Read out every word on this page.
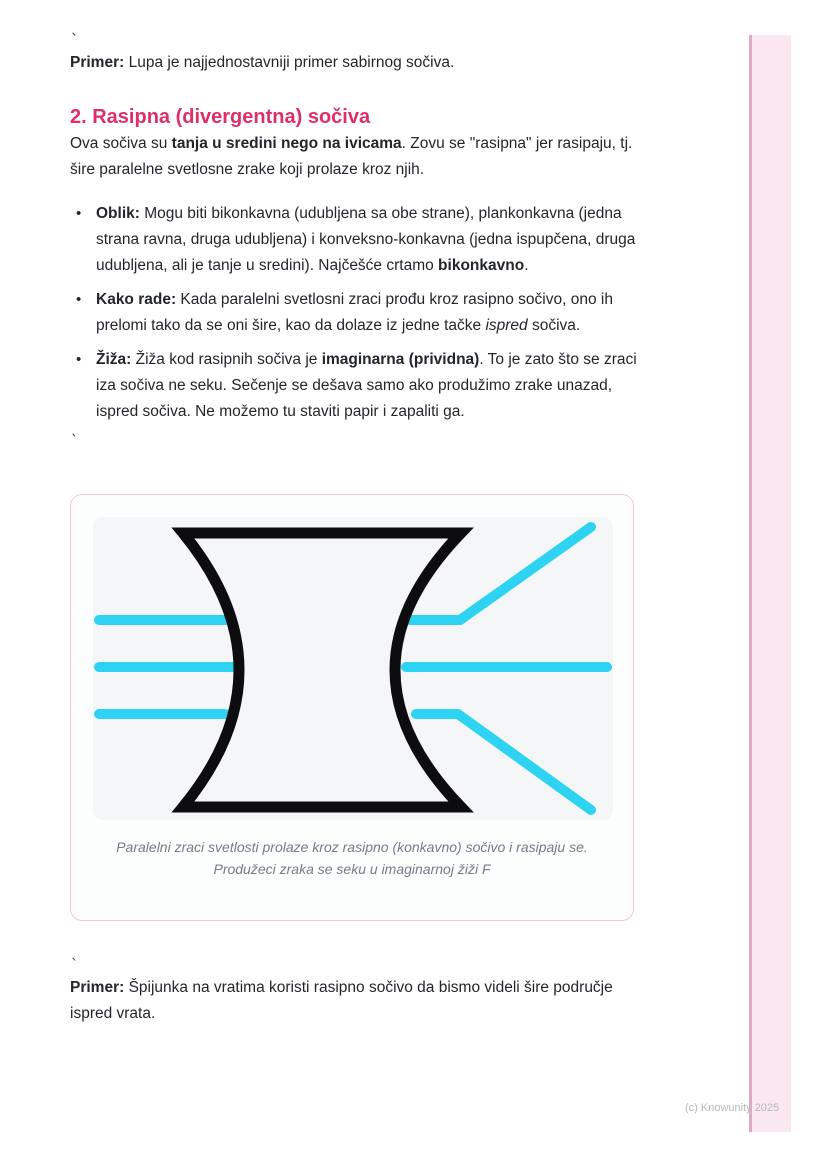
`

Primer: Lupa je najjednostavniji primer sabirnog sočiva.

2. Rasipna (divergentna) sočiva

Ova sočiva su tanja u sredini nego na ivicama. Zovu se "rasipna" jer rasipaju, tj. šire paralelne svetlosne zrake koji prolaze kroz njih.

• Oblik: Mogu biti bikonkavna (udubljena sa obe strane), plankonkavna (jedna strana ravna, druga udubljena) i konveksno-konkavna (jedna ispupčena, druga udubljena, ali je tanje u sredini). Najčešće crtamo bikonkavno.
• Kako rade: Kada paralelni svetlosni zraci prođu kroz rasipno sočivo, ono ih prelomi tako da se oni šire, kao da dolaze iz jedne tačke ispred sočiva.
• Žiža: Žiža kod rasipnih sočiva je imaginarna (prividna). To je zato što se zraci iza sočiva ne seku. Sečenje se dešava samo ako produžimo zrake unazad, ispred sočiva. Ne možemo tu staviti papir i zapaliti ga.
`
Paralelni zraci svetlosti prolaze kroz rasipno (konkavno) sočivo i rasipaju se.
Produžeci zraka se seku u imaginarnoj žiži F
`

Primer: Špijunka na vratima koristi rasipno sočivo da bismo videli šire područje ispred vrata.

(c) Knowunity 2025
